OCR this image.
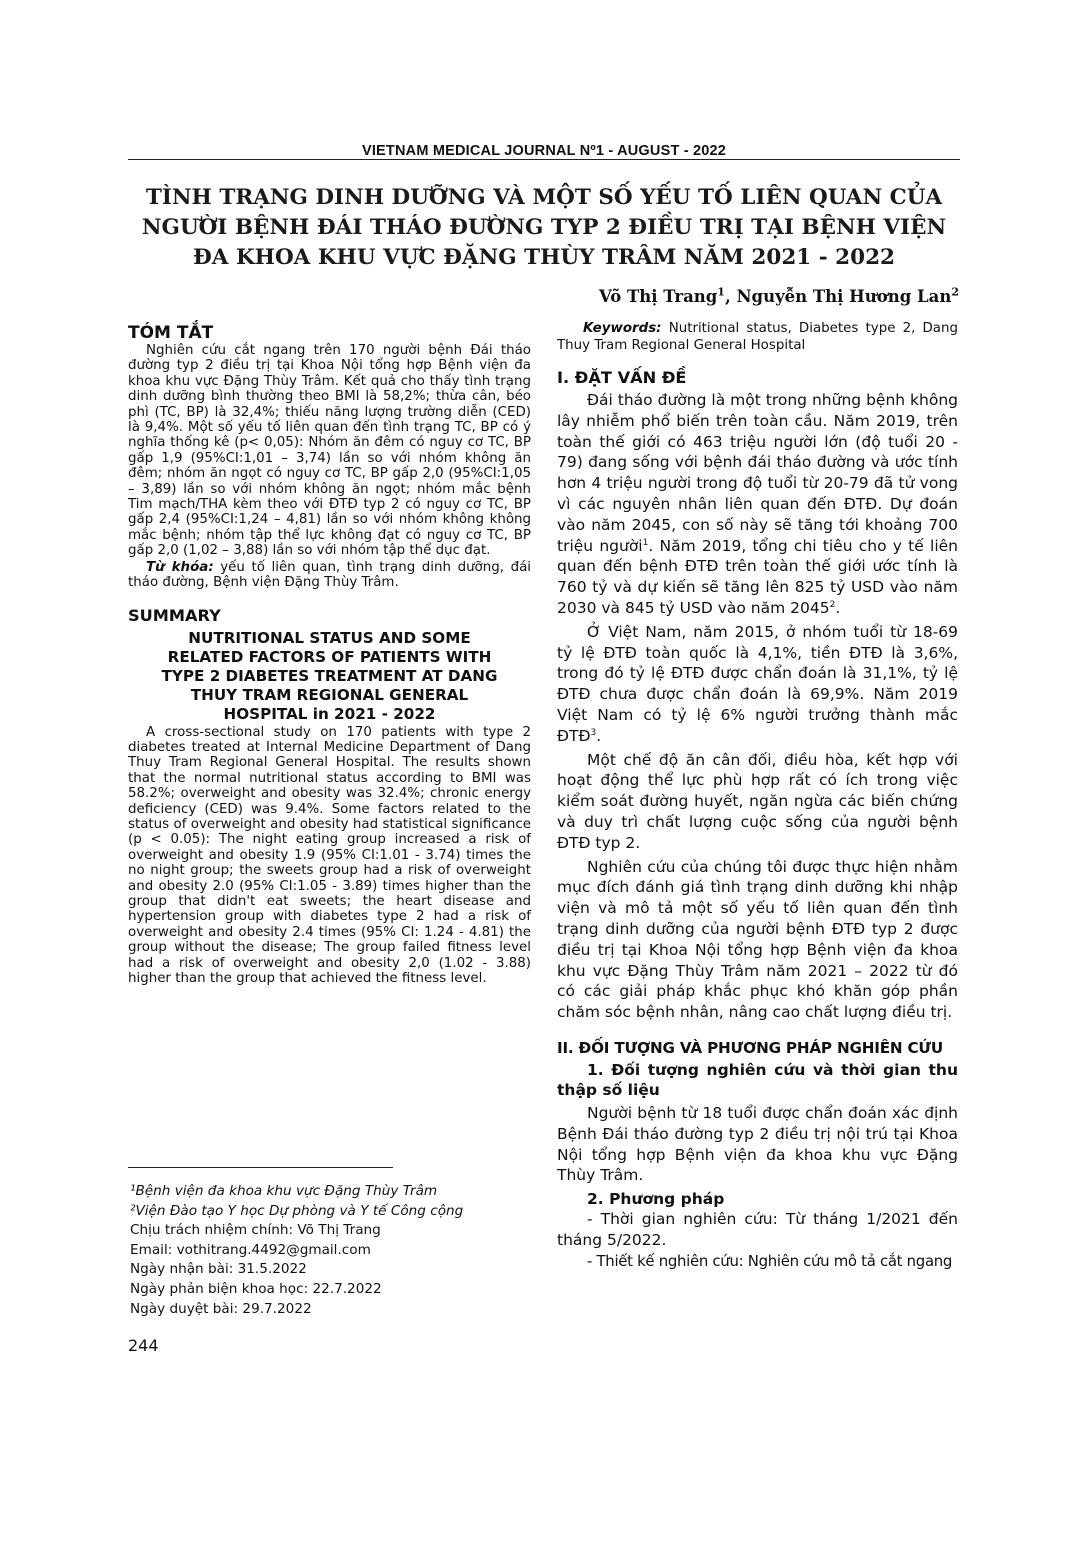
VIETNAM MEDICAL JOURNAL Nº1 - AUGUST - 2022
TÌNH TRẠNG DINH DƯỠNG VÀ MỘT SỐ YẾU TỐ LIÊN QUAN CỦA
NGƯỜI BỆNH ĐÁI THÁO ĐƯỜNG TYP 2 ĐIỀU TRỊ TẠI BỆNH VIỆN
ĐA KHOA KHU VỰC ĐẶNG THÙY TRÂM NĂM 2021 - 2022

Võ Thị Trang$^1$, Nguyễn Thị Hương Lan$^2$

TÓM TẮT

Nghiên cứu cắt ngang trên 170 người bệnh Đái tháo đường typ 2 điều trị tại Khoa Nội tổng hợp Bệnh viện đa khoa khu vực Đặng Thùy Trâm. Kết quả cho thấy tình trạng dinh dưỡng bình thường theo BMI là 58,2%; thừa cân, béo phì (TC, BP) là 32,4%; thiếu năng lượng trường diễn (CED) là 9,4%. Một số yếu tố liên quan đến tình trạng TC, BP có ý nghĩa thống kê (p< 0,05): Nhóm ăn đêm có nguy cơ TC, BP gấp 1,9 (95%CI:1,01 – 3,74) lần so với nhóm không ăn đêm; nhóm ăn ngọt có nguy cơ TC, BP gấp 2,0 (95%CI:1,05 – 3,89) lần so với nhóm không ăn ngọt; nhóm mắc bệnh Tim mạch/THA kèm theo với ĐTĐ typ 2 có nguy cơ TC, BP gấp 2,4 (95%CI:1,24 – 4,81) lần so với nhóm không không mắc bệnh; nhóm tập thể lực không đạt có nguy cơ TC, BP gấp 2,0 (1,02 – 3,88) lần so với nhóm tập thể dục đạt.

Từ khóa: yếu tố liên quan, tình trạng dinh dưỡng, đái tháo đường, Bệnh viện Đặng Thùy Trâm.

SUMMARY
NUTRITIONAL STATUS AND SOME
RELATED FACTORS OF PATIENTS WITH
TYPE 2 DIABETES TREATMENT AT DANG
THUY TRAM REGIONAL GENERAL
HOSPITAL in 2021 - 2022

A cross-sectional study on 170 patients with type 2 diabetes treated at Internal Medicine Department of Dang Thuy Tram Regional General Hospital. The results shown that the normal nutritional status according to BMI was 58.2%; overweight and obesity was 32.4%; chronic energy deficiency (CED) was 9.4%. Some factors related to the status of overweight and obesity had statistical significance (p < 0.05): The night eating group increased a risk of overweight and obesity 1.9 (95% CI:1.01 - 3.74) times the no night group; the sweets group had a risk of overweight and obesity 2.0 (95% CI:1.05 - 3.89) times higher than the group that didn't eat sweets; the heart disease and hypertension group with diabetes type 2 had a risk of overweight and obesity 2.4 times (95% CI: 1.24 - 4.81) the group without the disease; The group failed fitness level had a risk of overweight and obesity 2,0 (1.02 - 3.88) higher than the group that achieved the fitness level.

¹Bệnh viện đa khoa khu vực Đặng Thùy Trâm
²Viện Đào tạo Y học Dự phòng và Y tế Công cộng
Chịu trách nhiệm chính: Võ Thị Trang
Email: vothitrang.4492@gmail.com
Ngày nhận bài: 31.5.2022
Ngày phản biện khoa học: 22.7.2022
Ngày duyệt bài: 29.7.2022
244

Keywords: Nutritional status, Diabetes type 2, Dang Thuy Tram Regional General Hospital

I. ĐẶT VẤN ĐỀ

Đái tháo đường là một trong những bệnh không lây nhiễm phổ biến trên toàn cầu. Năm 2019, trên toàn thế giới có 463 triệu người lớn (độ tuổi 20 - 79) đang sống với bệnh đái tháo đường và ước tính hơn 4 triệu người trong độ tuổi từ 20-79 đã tử vong vì các nguyên nhân liên quan đến ĐTĐ. Dự đoán vào năm 2045, con số này sẽ tăng tới khoảng 700 triệu người$^1$. Năm 2019, tổng chi tiêu cho y tế liên quan đến bệnh ĐTĐ trên toàn thế giới ước tính là 760 tỷ và dự kiến sẽ tăng lên 825 tỷ USD vào năm 2030 và 845 tỷ USD vào năm 2045$^2$.

Ở Việt Nam, năm 2015, ở nhóm tuổi từ 18-69 tỷ lệ ĐTĐ toàn quốc là 4,1%, tiền ĐTĐ là 3,6%, trong đó tỷ lệ ĐTĐ được chẩn đoán là 31,1%, tỷ lệ ĐTĐ chưa được chẩn đoán là 69,9%. Năm 2019 Việt Nam có tỷ lệ 6% người trưởng thành mắc ĐTĐ$^3$.

Một chế độ ăn cân đối, điều hòa, kết hợp với hoạt động thể lực phù hợp rất có ích trong việc kiểm soát đường huyết, ngăn ngừa các biến chứng và duy trì chất lượng cuộc sống của người bệnh ĐTĐ typ 2.

Nghiên cứu của chúng tôi được thực hiện nhằm mục đích đánh giá tình trạng dinh dưỡng khi nhập viện và mô tả một số yếu tố liên quan đến tình trạng dinh dưỡng của người bệnh ĐTĐ typ 2 được điều trị tại Khoa Nội tổng hợp Bệnh viện đa khoa khu vực Đặng Thùy Trâm năm 2021 – 2022 từ đó có các giải pháp khắc phục khó khăn góp phần chăm sóc bệnh nhân, nâng cao chất lượng điều trị.

II. ĐỐI TƯỢNG VÀ PHƯƠNG PHÁP NGHIÊN CỨU

1. Đối tượng nghiên cứu và thời gian thu thập số liệu

Người bệnh từ 18 tuổi được chẩn đoán xác định Bệnh Đái tháo đường typ 2 điều trị nội trú tại Khoa Nội tổng hợp Bệnh viện đa khoa khu vực Đặng Thùy Trâm.

2. Phương pháp

- Thời gian nghiên cứu: Từ tháng 1/2021 đến tháng 5/2022.

- Thiết kế nghiên cứu: Nghiên cứu mô tả cắt ngang
